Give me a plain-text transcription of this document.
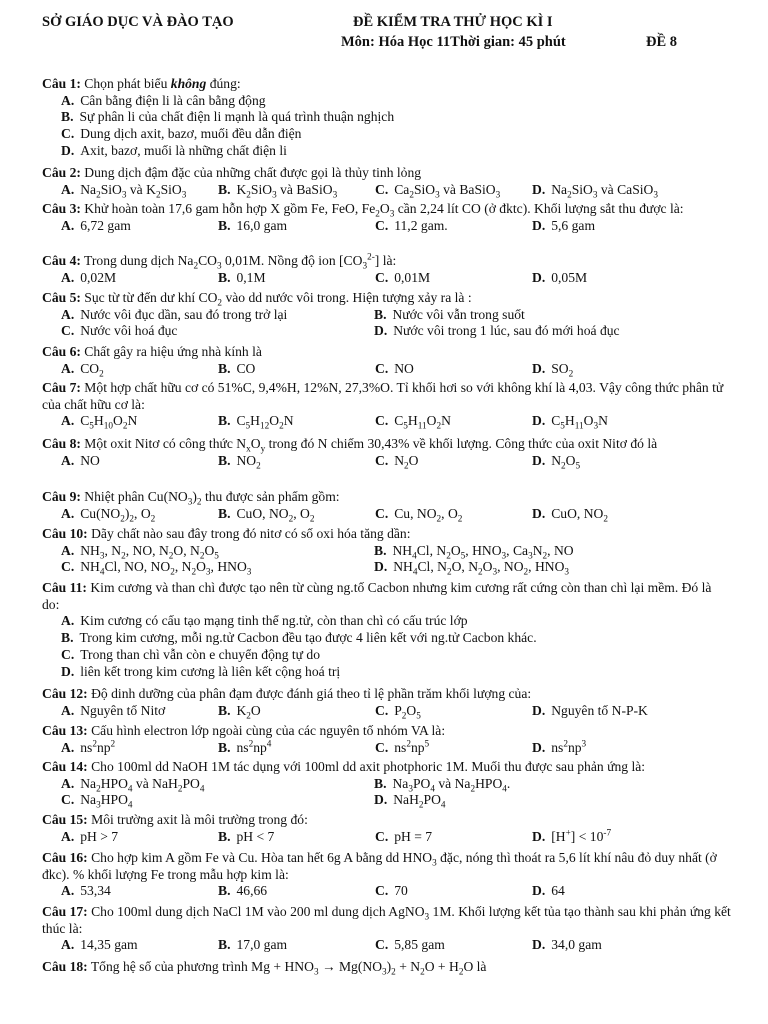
SỞ GIÁO DỤC VÀ ĐÀO TẠO	ĐỀ KIỂM TRA THỬ HỌC KÌ I
Môn: Hóa Học 11Thời gian: 45 phút	ĐỀ 8
Câu 1: Chọn phát biểu không đúng:
A. Cân bằng điện li là cân bằng động
B. Sự phân li của chất điện li mạnh là quá trình thuận nghịch
C. Dung dịch axit, bazơ, muối đều dẫn điện
D. Axit, bazơ, muối là những chất điện li
Câu 2: Dung dịch đậm đặc của những chất được gọi là thủy tinh lỏng
A. $Na_2SiO_3$ và $K_2SiO_3$	B. $K_2SiO_3$ và BaSiO$_3$	C. $Ca_2SiO_3$ và BaSiO$_3$	D. $Na_2SiO_3$ và CaSiO$_3$
Câu 3: Khử hoàn toàn 17,6 gam hỗn hợp X gồm Fe, FeO, $Fe_2O_3$ cần 2,24 lít CO (ở đktc). Khối lượng sắt thu được là:
A. 6,72 gam	B. 16,0 gam	C. 11,2 gam.	D. 5,6 gam
Câu 4: Trong dung dịch $Na_2CO_3$ 0,01M. Nồng độ ion $[CO_3^{2-}]$ là:
A. 0,02M	B. 0,1M	C. 0,01M	D. 0,05M
Câu 5: Sục từ từ đến dư khí $CO_2$ vào dd nước vôi trong. Hiện tượng xảy ra là :
A. Nước vôi đục dần, sau đó trong trở lại	B. Nước vôi vẫn trong suốt
C. Nước vôi hoá đục	D. Nước vôi trong 1 lúc, sau đó mới hoá đục
Câu 6: Chất gây ra hiệu ứng nhà kính là
A. $CO_2$	B. CO	C. NO	D. $SO_2$
Câu 7: Một hợp chất hữu cơ có 51%C, 9,4%H, 12%N, 27,3%O. Tỉ khối hơi so với không khí là 4,03. Vậy công thức phân tử của chất hữu cơ là:
A. $C_5H_{10}O_2N$	B. $C_5H_{12}O_2N$	C. $C_5H_{11}O_2N$	D. $C_5H_{11}O_3N$
Câu 8: Một oxit Nitơ có công thức $N_xO_y$ trong đó N chiếm 30,43% về khối lượng. Công thức của oxit Nitơ đó là
A. NO	B. $NO_2$	C. $N_2O$	D. $N_2O_5$
Câu 9: Nhiệt phân $Cu(NO_3)_2$ thu được sản phẩm gồm:
A. $Cu(NO_2)_2$, $O_2$	B. CuO, $NO_2$, $O_2$	C. Cu, $NO_2$, $O_2$	D. CuO, $NO_2$
Câu 10: Dãy chất nào sau đây trong đó nitơ có số oxi hóa tăng dần:
A. $NH_3$, $N_2$, NO, $N_2O$, $N_2O_5$	B. $NH_4Cl$, $N_2O_5$, $HNO_3$, $Ca_3N_2$, NO
C. $NH_4Cl$, NO, $NO_2$, $N_2O_3$, $HNO_3$	D. $NH_4Cl$, $N_2O$, $N_2O_3$, $NO_2$, $HNO_3$
Câu 11: Kim cương và than chì được tạo nên từ cùng ng.tố Cacbon nhưng kim cương rất cứng còn than chì lại mềm. Đó là do:
A. Kim cương có cấu tạo mạng tinh thể ng.tử, còn than chì có cấu trúc lớp
B. Trong kim cương, mỗi ng.tử Cacbon đều tạo được 4 liên kết với ng.tử Cacbon khác.
C. Trong than chì vẫn còn e chuyển động tự do
D. liên kết trong kim cương là liên kết cộng hoá trị
Câu 12: Độ dinh dưỡng của phân đạm được đánh giá theo tỉ lệ phần trăm khối lượng của:
A. Nguyên tố Nitơ	B. $K_2O$	C. $P_2O_5$	D. Nguyên tố N-P-K
Câu 13: Cấu hình electron lớp ngoài cùng của các nguyên tố nhóm VA là:
A. $ns^2np^2$	B. $ns^2np^4$	C. $ns^2np^5$	D. $ns^2np^3$
Câu 14: Cho 100ml dd NaOH 1M tác dụng với 100ml dd axit photphoric 1M. Muối thu được sau phản ứng là:
A. $Na_2HPO_4$ và $NaH_2PO_4$	B. $Na_3PO_4$ và $Na_2HPO_4$.
C. $Na_3HPO_4$	D. $NaH_2PO_4$
Câu 15: Môi trường axit là môi trường trong đó:
A. pH > 7	B. pH < 7	C. pH = 7	D. $[H^+] < 10^{-7}$
Câu 16: Cho hợp kim A gồm Fe và Cu. Hòa tan hết 6g A bằng dd $HNO_3$ đặc, nóng thì thoát ra 5,6 lít khí nâu đỏ duy nhất (ở đkc). % khối lượng Fe trong mẫu hợp kim là:
A. 53,34	B. 46,66	C. 70	D. 64
Câu 17: Cho 100ml dung dịch NaCl 1M vào 200 ml dung dịch AgNO$_3$ 1M. Khối lượng kết tủa tạo thành sau khi phản ứng kết thúc là:
A. 14,35 gam	B. 17,0 gam	C. 5,85 gam	D. 34,0 gam
Câu 18: Tổng hệ số của phương trình $Mg + HNO_3 \to Mg(NO_3)_2 + N_2O + H_2O$ là
